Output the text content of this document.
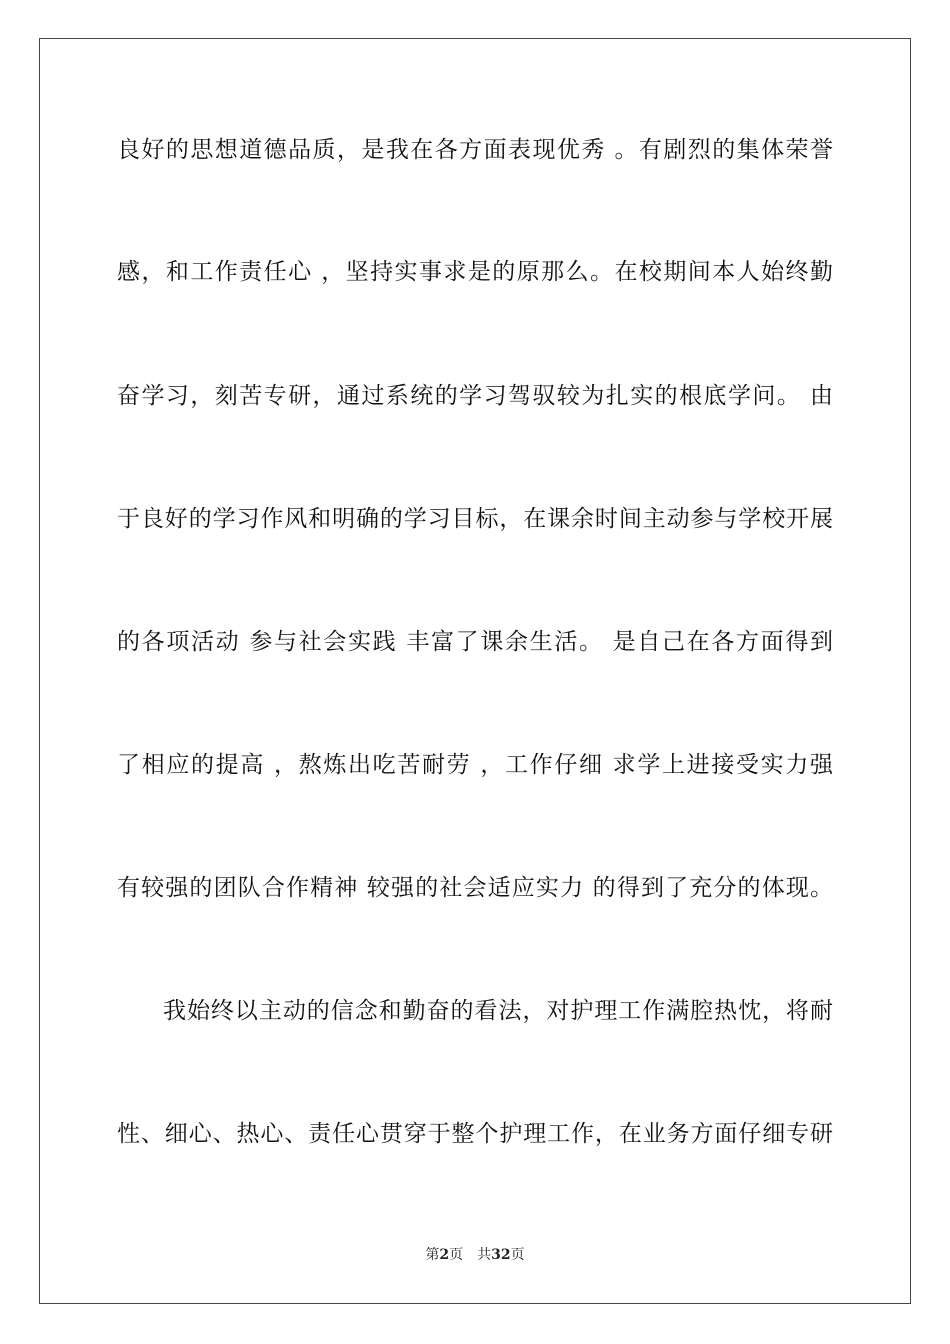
良好的思想道德品质，是我在各方面表现优秀 。有剧烈的集体荣誉
感，和工作责任心 ，坚持实事求是的原那么。在校期间本人始终勤
奋学习，刻苦专研，通过系统的学习驾驭较为扎实的根底学问。 由
于良好的学习作风和明确的学习目标，在课余时间主动参与学校开展
的各项活动 参与社会实践 丰富了课余生活。 是自己在各方面得到
了相应的提高 ，熬炼出吃苦耐劳 ，工作仔细 求学上进接受实力强
有较强的团队合作精神 较强的社会适应实力 的得到了充分的体现。
我始终以主动的信念和勤奋的看法，对护理工作满腔热忱，将耐
性、细心、热心、责任心贯穿于整个护理工作，在业务方面仔细专研
第2页 共32页
